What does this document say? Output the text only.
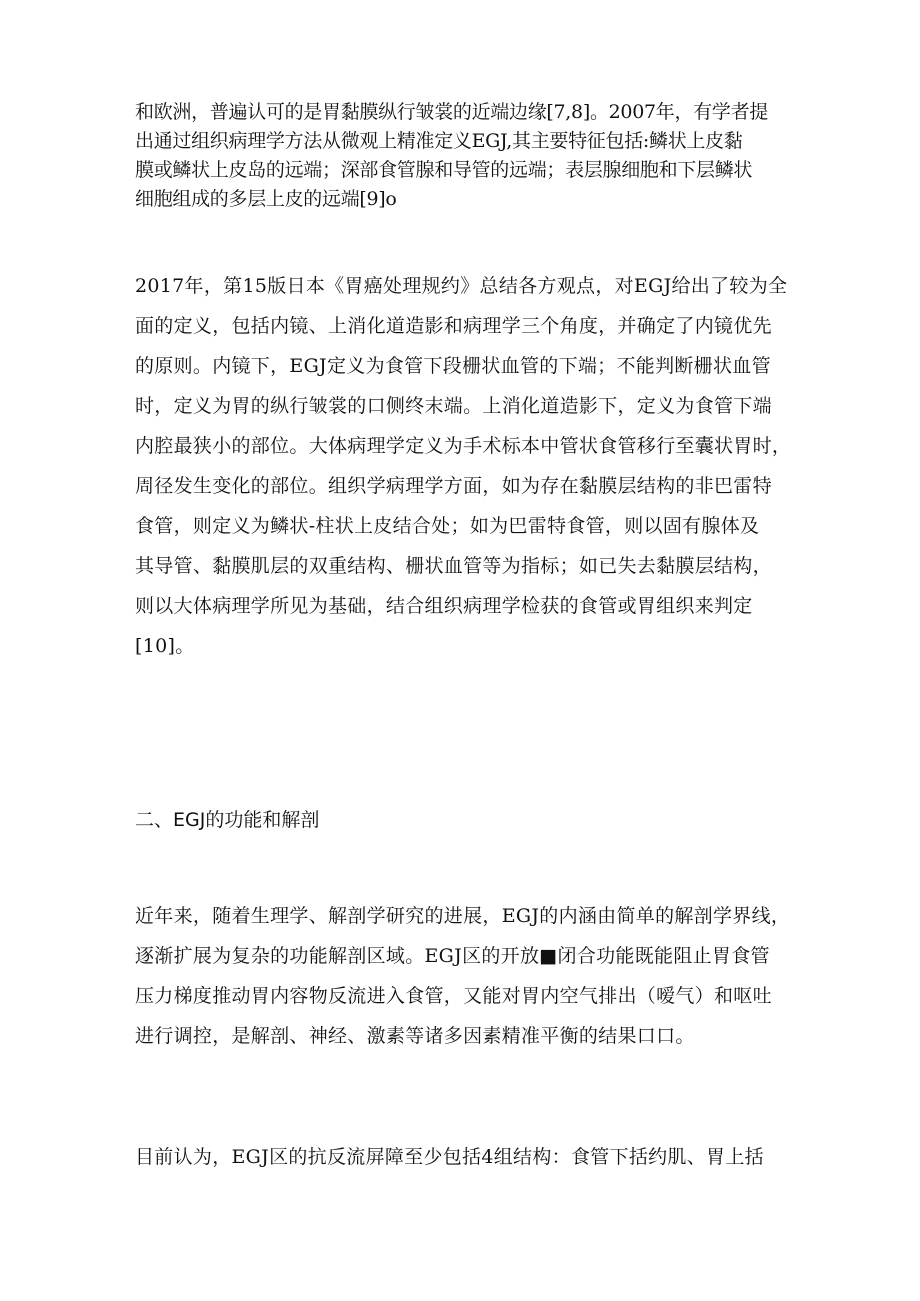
和欧洲，普遍认可的是胃黏膜纵行皱裳的近端边缘[7,8]。2007年，有学者提
出通过组织病理学方法从微观上精准定义EGJ,其主要特征包括:鳞状上皮黏
膜或鳞状上皮岛的远端；深部食管腺和导管的远端；表层腺细胞和下层鳞状
细胞组成的多层上皮的远端[9]o
2017年，第15版日本《胃癌处理规约》总结各方观点，对EGJ给出了较为全
面的定义，包括内镜、上消化道造影和病理学三个角度，并确定了内镜优先
的原则。内镜下，EGJ定义为食管下段栅状血管的下端；不能判断栅状血管
时，定义为胃的纵行皱裳的口侧终末端。上消化道造影下，定义为食管下端
内腔最狭小的部位。大体病理学定义为手术标本中管状食管移行至囊状胃时，
周径发生变化的部位。组织学病理学方面，如为存在黏膜层结构的非巴雷特
食管，则定义为鳞状-柱状上皮结合处；如为巴雷特食管，则以固有腺体及
其导管、黏膜肌层的双重结构、栅状血管等为指标；如已失去黏膜层结构，
则以大体病理学所见为基础，结合组织病理学检获的食管或胃组织来判定
[10]。
二、EGJ的功能和解剖
近年来，随着生理学、解剖学研究的进展，EGJ的内涵由简单的解剖学界线，
逐渐扩展为复杂的功能解剖区域。EGJ区的开放■闭合功能既能阻止胃食管
压力梯度推动胃内容物反流进入食管，又能对胃内空气排出（嗳气）和呕吐
进行调控，是解剖、神经、激素等诸多因素精准平衡的结果口口。
目前认为，EGJ区的抗反流屏障至少包括4组结构：食管下括约肌、胃上括
